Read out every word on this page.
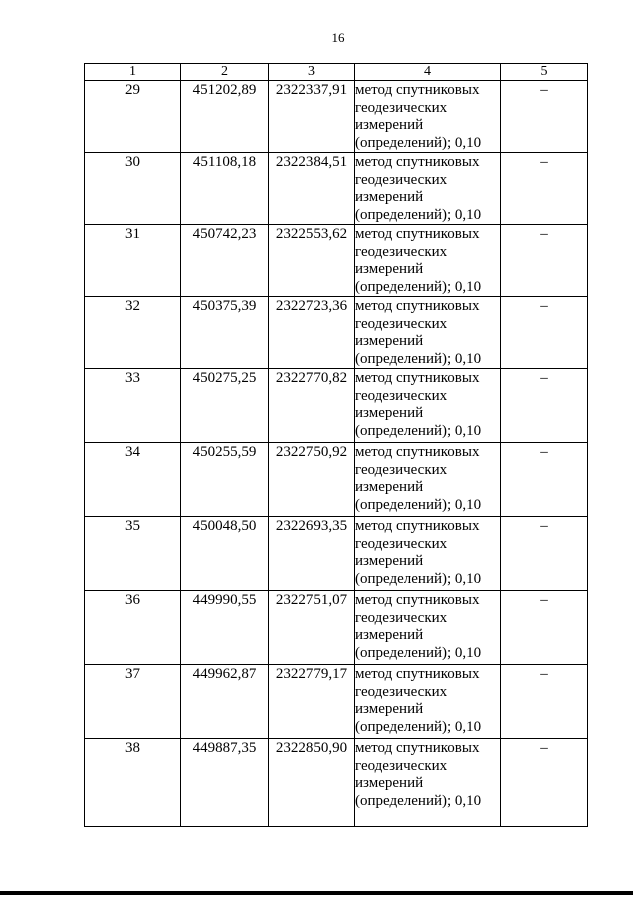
16
1	2	3	4	5
29	451202,89	2322337,91	метод спутниковых
геодезических
измерений
(определений); 0,10	–
30	451108,18	2322384,51	метод спутниковых
геодезических
измерений
(определений); 0,10	–
31	450742,23	2322553,62	метод спутниковых
геодезических
измерений
(определений); 0,10	–
32	450375,39	2322723,36	метод спутниковых
геодезических
измерений
(определений); 0,10	–
33	450275,25	2322770,82	метод спутниковых
геодезических
измерений
(определений); 0,10	–
34	450255,59	2322750,92	метод спутниковых
геодезических
измерений
(определений); 0,10	–
35	450048,50	2322693,35	метод спутниковых
геодезических
измерений
(определений); 0,10	–
36	449990,55	2322751,07	метод спутниковых
геодезических
измерений
(определений); 0,10	–
37	449962,87	2322779,17	метод спутниковых
геодезических
измерений
(определений); 0,10	–
38	449887,35	2322850,90	метод спутниковых
геодезических
измерений
(определений); 0,10	–
